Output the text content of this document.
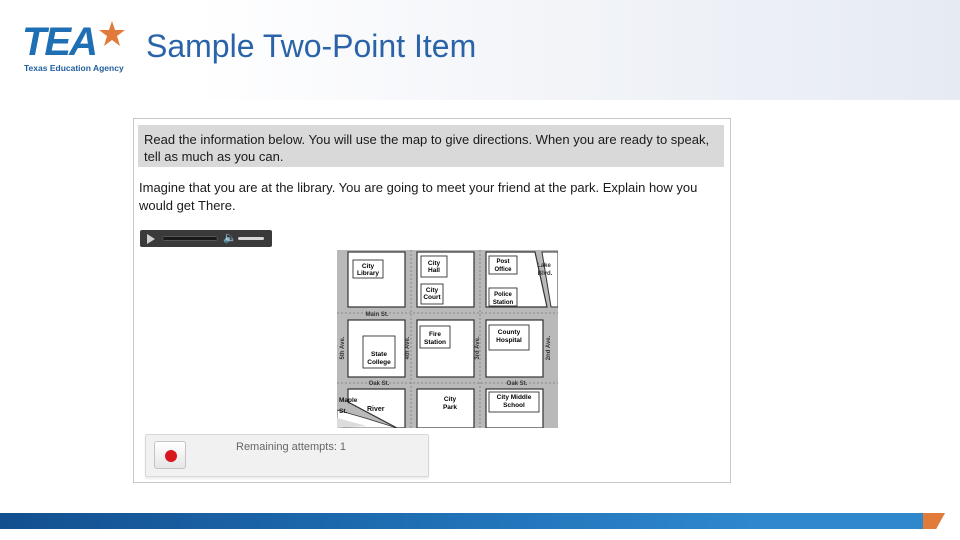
TEA
Texas Education Agency
Sample Two-Point Item
Read the information below. You will use the map to give directions. When you are ready to speak, tell as much as you can.
Imagine that you are at the library. You are going to meet your friend at the park. Explain how you would get There.
🔈
City
Library
City
Hall
City
Court
Post
Office
Police
Station
Fire
Station
County
Hospital
State
College
City
Park
City Middle
School
Main St.
Oak St.	Oak St.
5th Ave.	4th Ave.	3rd Ave.	2nd Ave.
Lake
Blvd.
Maple
St.	River
Remaining attempts: 1
